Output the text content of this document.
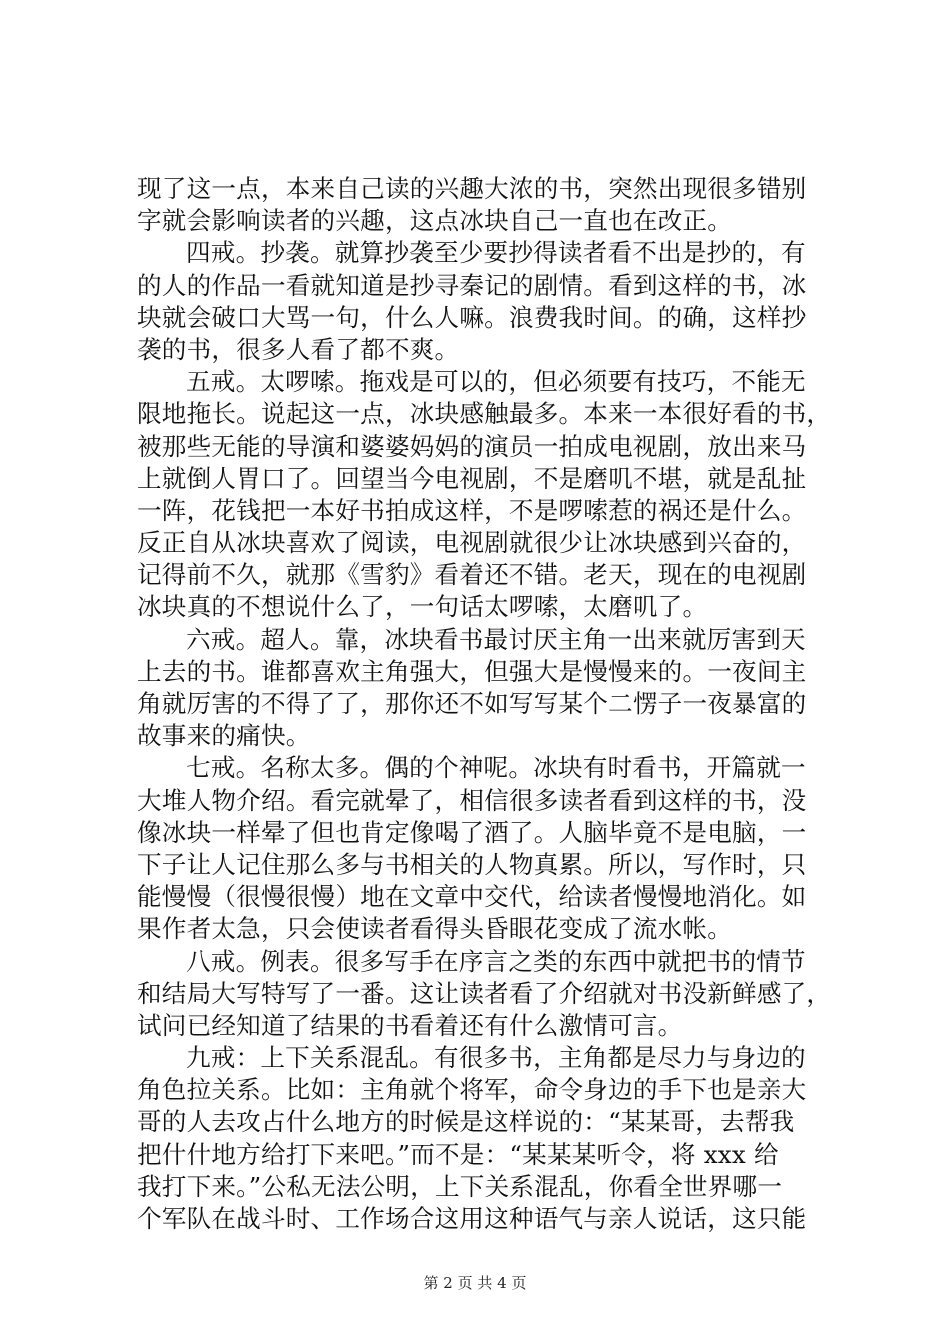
现了这一点，本来自己读的兴趣大浓的书，突然出现很多错别
字就会影响读者的兴趣，这点冰块自己一直也在改正。
四戒。抄袭。就算抄袭至少要抄得读者看不出是抄的，有
的人的作品一看就知道是抄寻秦记的剧情。看到这样的书，冰
块就会破口大骂一句，什么人嘛。浪费我时间。的确，这样抄
袭的书，很多人看了都不爽。
五戒。太啰嗦。拖戏是可以的，但必须要有技巧，不能无
限地拖长。说起这一点，冰块感触最多。本来一本很好看的书，
被那些无能的导演和婆婆妈妈的演员一拍成电视剧，放出来马
上就倒人胃口了。回望当今电视剧，不是磨叽不堪，就是乱扯
一阵，花钱把一本好书拍成这样，不是啰嗦惹的祸还是什么。
反正自从冰块喜欢了阅读，电视剧就很少让冰块感到兴奋的，
记得前不久，就那《雪豹》看着还不错。老天，现在的电视剧
冰块真的不想说什么了，一句话太啰嗦，太磨叽了。
六戒。超人。靠，冰块看书最讨厌主角一出来就厉害到天
上去的书。谁都喜欢主角强大，但强大是慢慢来的。一夜间主
角就厉害的不得了了，那你还不如写写某个二愣子一夜暴富的
故事来的痛快。
七戒。名称太多。偶的个神呢。冰块有时看书，开篇就一
大堆人物介绍。看完就晕了，相信很多读者看到这样的书，没
像冰块一样晕了但也肯定像喝了酒了。人脑毕竟不是电脑，一
下子让人记住那么多与书相关的人物真累。所以，写作时，只
能慢慢（很慢很慢）地在文章中交代，给读者慢慢地消化。如
果作者太急，只会使读者看得头昏眼花变成了流水帐。
八戒。例表。很多写手在序言之类的东西中就把书的情节
和结局大写特写了一番。这让读者看了介绍就对书没新鲜感了，
试问已经知道了结果的书看着还有什么激情可言。
九戒：上下关系混乱。有很多书，主角都是尽力与身边的
角色拉关系。比如：主角就个将军，命令身边的手下也是亲大
哥的人去攻占什么地方的时候是这样说的：“某某哥，去帮我
把什什地方给打下来吧。”而不是：“某某某听令，将 xxx 给
我打下来。”公私无法公明，上下关系混乱，你看全世界哪一
个军队在战斗时、工作场合这用这种语气与亲人说话，这只能
第 2 页 共 4 页
